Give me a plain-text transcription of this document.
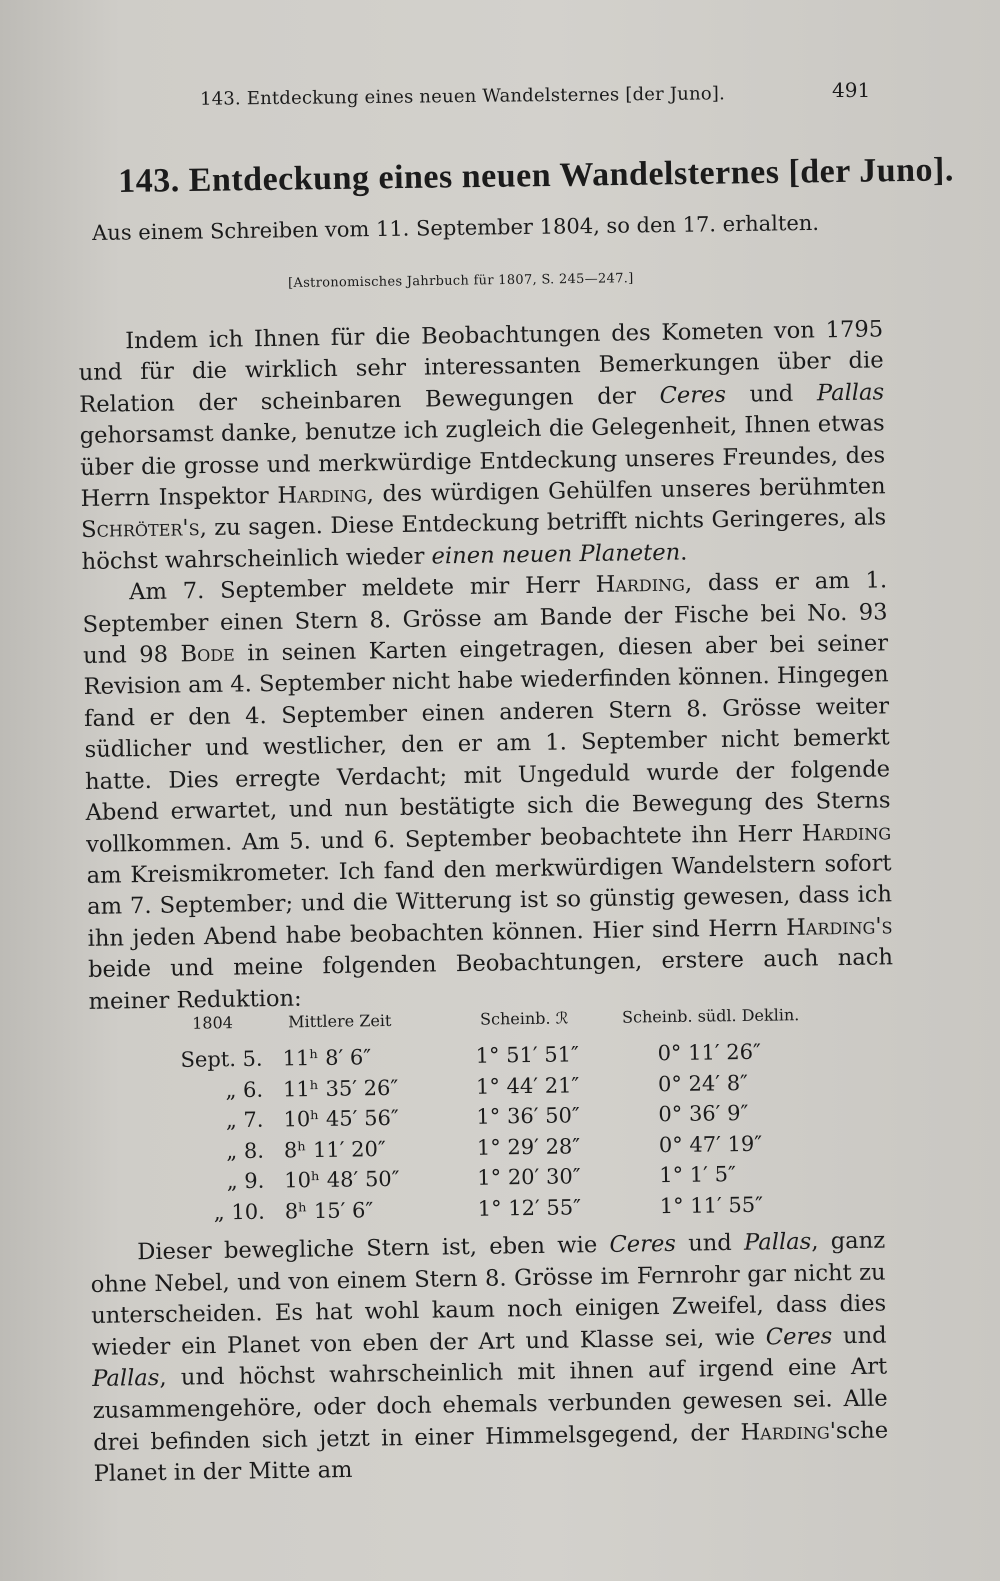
143. Entdeckung eines neuen Wandelsternes [der Juno].	491
143. Entdeckung eines neuen Wandelsternes [der Juno].
Aus einem Schreiben vom 11. September 1804, so den 17. erhalten.
[Astronomisches Jahrbuch für 1807, S. 245—247.]

Indem ich Ihnen für die Beobachtungen des Kometen von 1795 und für die wirklich sehr interessanten Bemerkungen über die Relation der scheinbaren Bewegungen der Ceres und Pallas gehorsamst danke, benutze ich zugleich die Gelegenheit, Ihnen etwas über die grosse und merkwürdige Entdeckung unseres Freundes, des Herrn Inspektor Harding, des würdigen Gehülfen unseres berühmten Schröter's, zu sagen. Diese Entdeckung betrifft nichts Geringeres, als höchst wahrscheinlich wieder einen neuen Planeten.

Am 7. September meldete mir Herr Harding, dass er am 1. September einen Stern 8. Grösse am Bande der Fische bei No. 93 und 98 Bode in seinen Karten eingetragen, diesen aber bei seiner Revision am 4. September nicht habe wiederfinden können. Hingegen fand er den 4. September einen anderen Stern 8. Grösse weiter südlicher und westlicher, den er am 1. September nicht bemerkt hatte. Dies erregte Verdacht; mit Ungeduld wurde der folgende Abend erwartet, und nun bestätigte sich die Bewegung des Sterns vollkommen. Am 5. und 6. September beobachtete ihn Herr Harding am Kreismikrometer. Ich fand den merkwürdigen Wandelstern sofort am 7. September; und die Witterung ist so günstig gewesen, dass ich ihn jeden Abend habe beobachten können. Hier sind Herrn Harding's beide und meine folgenden Beobachtungen, erstere auch nach meiner Reduktion:

1804	Mittlere Zeit	Scheinb. ℛ	Scheinb. südl. Deklin.
Sept. 5. 11ʰ 8′ 6″	1° 51′ 51″	0° 11′ 26″
„ 6. 11ʰ 35′ 26″	1° 44′ 21″	0° 24′ 8″
„ 7. 10ʰ 45′ 56″	1° 36′ 50″	0° 36′ 9″
„ 8. 8ʰ 11′ 20″	1° 29′ 28″	0° 47′ 19″
„ 9. 10ʰ 48′ 50″	1° 20′ 30″	1° 1′ 5″
„ 10. 8ʰ 15′ 6″	1° 12′ 55″	1° 11′ 55″

Dieser bewegliche Stern ist, eben wie Ceres und Pallas, ganz ohne Nebel, und von einem Stern 8. Grösse im Fernrohr gar nicht zu unterscheiden. Es hat wohl kaum noch einigen Zweifel, dass dies wieder ein Planet von eben der Art und Klasse sei, wie Ceres und Pallas, und höchst wahrscheinlich mit ihnen auf irgend eine Art zusammengehöre, oder doch ehemals verbunden gewesen sei. Alle drei befinden sich jetzt in einer Himmelsgegend, der Harding'sche Planet in der Mitte am
